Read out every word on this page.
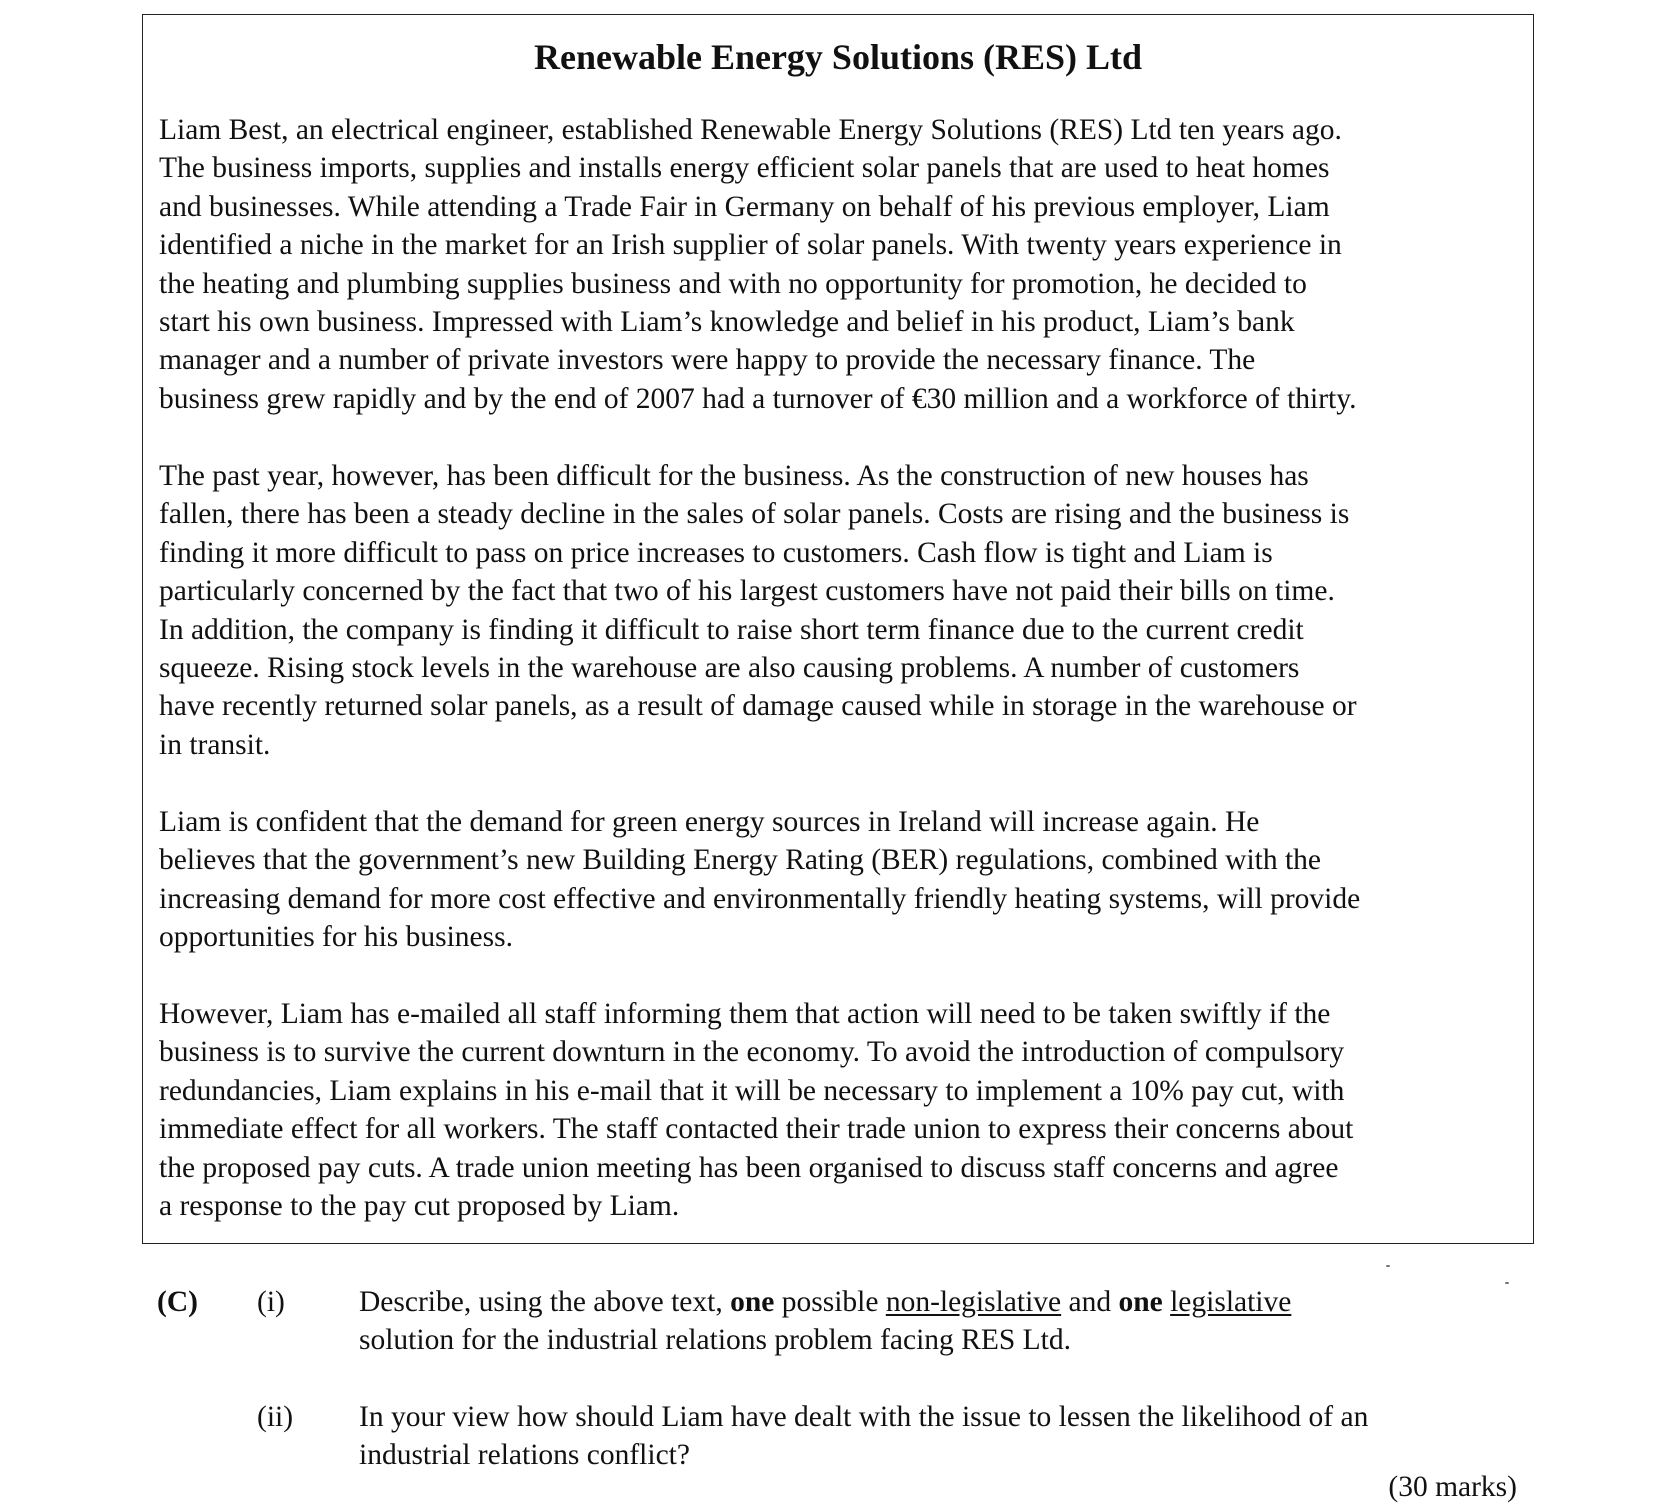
Renewable Energy Solutions (RES) Ltd

Liam Best, an electrical engineer, established Renewable Energy Solutions (RES) Ltd ten years ago.
The business imports, supplies and installs energy efficient solar panels that are used to heat homes
and businesses. While attending a Trade Fair in Germany on behalf of his previous employer, Liam
identified a niche in the market for an Irish supplier of solar panels. With twenty years experience in
the heating and plumbing supplies business and with no opportunity for promotion, he decided to
start his own business. Impressed with Liam’s knowledge and belief in his product, Liam’s bank
manager and a number of private investors were happy to provide the necessary finance. The
business grew rapidly and by the end of 2007 had a turnover of €30 million and a workforce of thirty.

The past year, however, has been difficult for the business. As the construction of new houses has
fallen, there has been a steady decline in the sales of solar panels. Costs are rising and the business is
finding it more difficult to pass on price increases to customers. Cash flow is tight and Liam is
particularly concerned by the fact that two of his largest customers have not paid their bills on time.
In addition, the company is finding it difficult to raise short term finance due to the current credit
squeeze. Rising stock levels in the warehouse are also causing problems. A number of customers
have recently returned solar panels, as a result of damage caused while in storage in the warehouse or
in transit.

Liam is confident that the demand for green energy sources in Ireland will increase again. He
believes that the government’s new Building Energy Rating (BER) regulations, combined with the
increasing demand for more cost effective and environmentally friendly heating systems, will provide
opportunities for his business.

However, Liam has e-mailed all staff informing them that action will need to be taken swiftly if the
business is to survive the current downturn in the economy. To avoid the introduction of compulsory
redundancies, Liam explains in his e-mail that it will be necessary to implement a 10% pay cut, with
immediate effect for all workers. The staff contacted their trade union to express their concerns about
the proposed pay cuts. A trade union meeting has been organised to discuss staff concerns and agree
a response to the pay cut proposed by Liam.

(C) (i)	Describe, using the above text, one possible non-legislative and one legislative
solution for the industrial relations problem facing RES Ltd.
(ii) In your view how should Liam have dealt with the issue to lessen the likelihood of an
industrial relations conflict?
(30 marks)
